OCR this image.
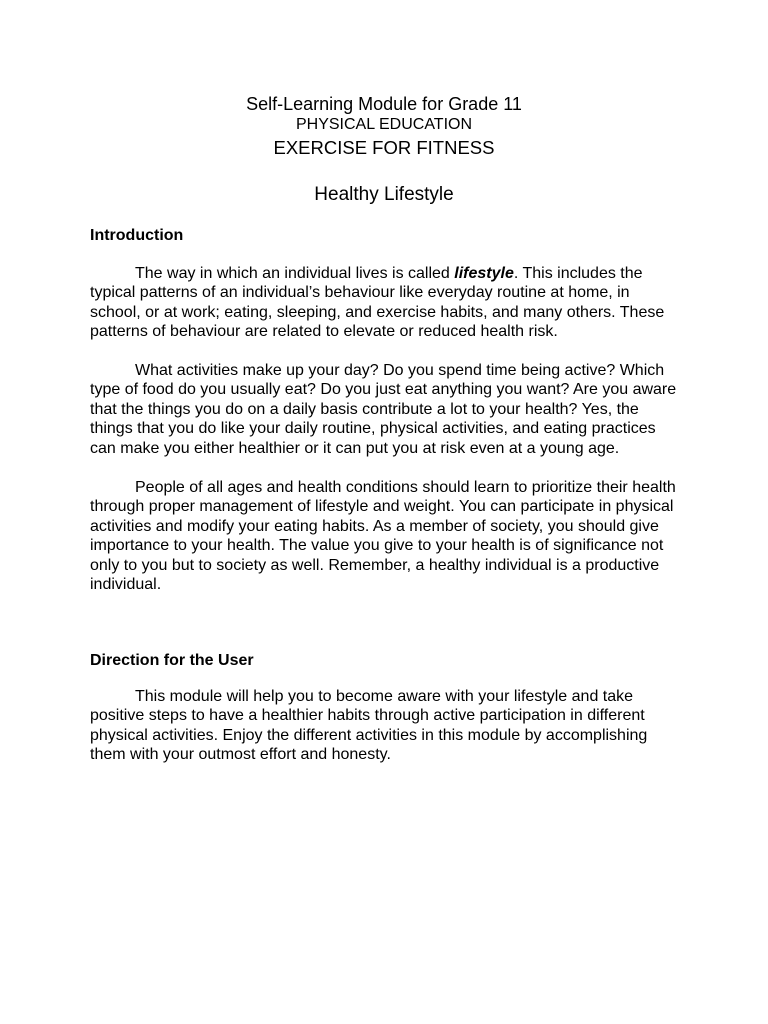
Self-Learning Module for Grade 11
PHYSICAL EDUCATION
EXERCISE FOR FITNESS
Healthy Lifestyle

Introduction

The way in which an individual lives is called lifestyle. This includes the typical patterns of an individual’s behaviour like everyday routine at home, in school, or at work; eating, sleeping, and exercise habits, and many others. These patterns of behaviour are related to elevate or reduced health risk.

What activities make up your day? Do you spend time being active? Which type of food do you usually eat? Do you just eat anything you want? Are you aware that the things you do on a daily basis contribute a lot to your health? Yes, the things that you do like your daily routine, physical activities, and eating practices can make you either healthier or it can put you at risk even at a young age.

People of all ages and health conditions should learn to prioritize their health through proper management of lifestyle and weight. You can participate in physical activities and modify your eating habits. As a member of society, you should give importance to your health. The value you give to your health is of significance not only to you but to society as well. Remember, a healthy individual is a productive individual.

Direction for the User

This module will help you to become aware with your lifestyle and take positive steps to have a healthier habits through active participation in different physical activities. Enjoy the different activities in this module by accomplishing them with your outmost effort and honesty.
